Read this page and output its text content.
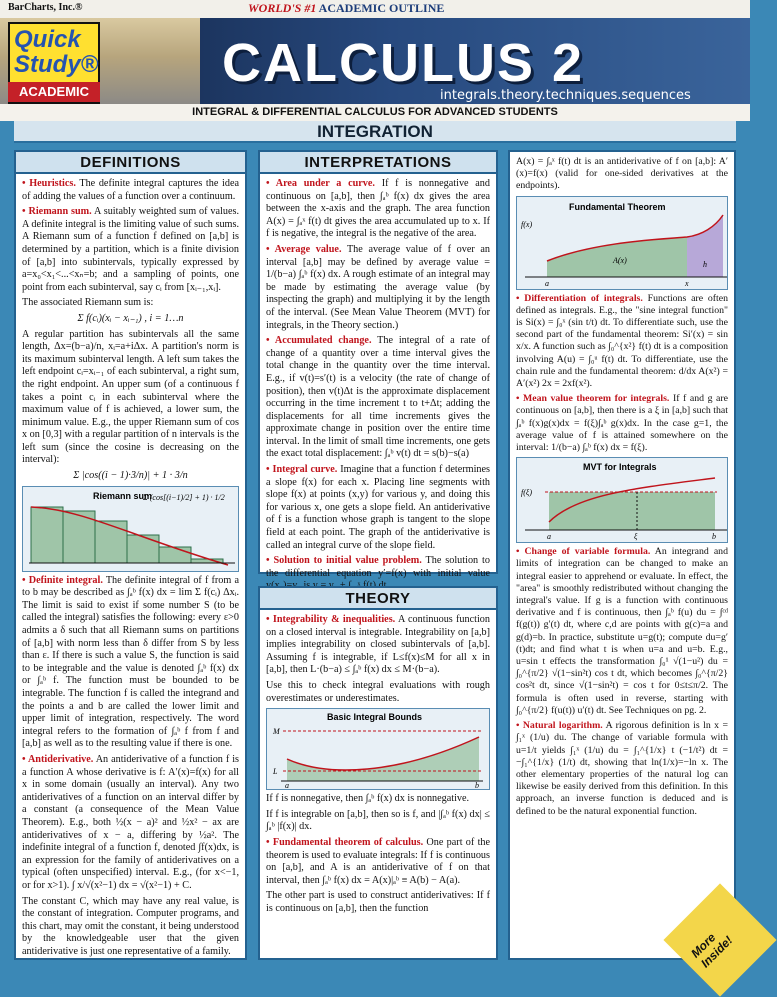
BarCharts, Inc.®	WORLD'S #1 ACADEMIC OUTLINE
Quick
Study®
ACADEMIC CALCULUS 2
integrals.theory.techniques.sequences
INTEGRAL & DIFFERENTIAL CALCULUS FOR ADVANCED STUDENTS
INTEGRATION
DEFINITIONS

• Heuristics. The definite integral captures the idea of adding the values of a function over a continuum.

• Riemann sum. A suitably weighted sum of values. A definite integral is the limiting value of such sums. A Riemann sum of a function f defined on [a,b] is determined by a partition, which is a finite division of [a,b] into subintervals, typically expressed by a=x₀<x₁<...<xₙ=b; and a sampling of points, one point from each subinterval, say cᵢ from [xᵢ₋₁,xᵢ].

The associated Riemann sum is:

Σ f(cᵢ)(xᵢ − xᵢ₋₁) , i = 1…n

A regular partition has subintervals all the same length, Δx=(b−a)/n, xᵢ=a+iΔx. A partition's norm is its maximum subinterval length. A left sum takes the left endpoint cᵢ=xᵢ₋₁ of each subinterval, a right sum, the right endpoint. An upper sum (of a continuous f takes a point cᵢ in each subinterval where the maximum value of f is achieved, a lower sum, the minimum value. E.g., the upper Riemann sum of cos x on [0,3] with a regular partition of n intervals is the left sum (since the cosine is decreasing on the interval):

Σ |cos((i − 1)·3/n)| + 1 · 3/n

Riemann sum
Σ (cos[(i−1)/2] + 1) · 1/2

• Definite integral. The definite integral of f from a to b may be described as ∫ₐᵇ f(x) dx = lim Σ f(cᵢ) Δxᵢ. The limit is said to exist if some number S (to be called the integral) satisfies the following: every ε>0 admits a δ such that all Riemann sums on partitions of [a,b] with norm less than δ differ from S by less than ε. If there is such a value S, the function is said to be integrable and the value is denoted ∫ₐᵇ f(x) dx or ∫ₐᵇ f. The function must be bounded to be integrable. The function f is called the integrand and the points a and b are called the lower limit and upper limit of integration, respectively. The word integral refers to the formation of ∫ₐᵇ f from f and [a,b] as well as to the resulting value if there is one.

• Antiderivative. An antiderivative of a function f is a function A whose derivative is f: A′(x)=f(x) for all x in some domain (usually an interval). Any two antiderivatives of a function on an interval differ by a constant (a consequence of the Mean Value Theorem). E.g., both ½(x − a)² and ½x² − ax are antiderivatives of x − a, differing by ½a². The indefinite integral of a function f, denoted ∫f(x)dx, is an expression for the family of antiderivatives on a typical (often unspecified) interval. E.g., (for x<−1, or for x>1). ∫ x/√(x²−1) dx = √(x²−1) + C.

The constant C, which may have any real value, is the constant of integration. Computer programs, and this chart, may omit the constant, it being understood by the knowledgeable user that the given antiderivative is just one representative of a family.

INTERPRETATIONS

• Area under a curve. If f is nonnegative and continuous on [a,b], then ∫ₐᵇ f(x) dx gives the area between the x-axis and the graph. The area function A(x) = ∫ₐˣ f(t) dt gives the area accumulated up to x. If f is negative, the integral is the negative of the area.

• Average value. The average value of f over an interval [a,b] may be defined by average value = 1/(b−a) ∫ₐᵇ f(x) dx. A rough estimate of an integral may be made by estimating the average value (by inspecting the graph) and multiplying it by the length of the interval. (See Mean Value Theorem (MVT) for integrals, in the Theory section.)

• Accumulated change. The integral of a rate of change of a quantity over a time interval gives the total change in the quantity over the time interval. E.g., if v(t)=s′(t) is a velocity (the rate of change of position), then v(t)Δt is the approximate displacement occurring in the time increment t to t+Δt; adding the displacements for all time increments gives the approximate change in position over the entire time interval. In the limit of small time increments, one gets the exact total displacement: ∫ₐᵇ v(t) dt = s(b)−s(a)

• Integral curve. Imagine that a function f determines a slope f(x) for each x. Placing line segments with slope f(x) at points (x,y) for various y, and doing this for various x, one gets a slope field. An antiderivative of f is a function whose graph is tangent to the slope field at each point. The graph of the antiderivative is called an integral curve of the slope field.

• Solution to initial value problem. The solution to the differential equation y′=f(x) with initial value

THEORY

• Integrability & inequalities. A continuous function on a closed interval is integrable. Integrability on [a,b] implies integrability on closed subintervals of [a,b]. Assuming f is integrable, if L≤f(x)≤M for all x in [a,b], then L·(b−a) ≤ ∫ₐᵇ f(x) dx ≤ M·(b−a).

Use this to check integral evaluations with rough overestimates or underestimates.

Basic Integral Bounds
M
L
a	b

If f is nonnegative, then ∫ₐᵇ f(x) dx is nonnegative.

If f is integrable on [a,b], then so is f, and |∫ₐᵇ f(x) dx| ≤ ∫ₐᵇ |f(x)| dx.

• Fundamental theorem of calculus. One part of the theorem is used to evaluate integrals: If f is continuous on [a,b], and A is an antiderivative of f on that interval, then ∫ₐᵇ f(x) dx = A(x)|ₐᵇ ≡ A(b) − A(a).

The other part is used to construct antiderivatives: If f is continuous on [a,b], then the function

A(x) = ∫ₐˣ f(t) dt is an antiderivative of f on [a,b]: A′(x)=f(x) (valid for one-sided derivatives at the endpoints).

Fundamental Theorem
f(x)
A(x)	h
a	x

• Differentiation of integrals. Functions are often defined as integrals. E.g., the "sine integral function" is Si(x) = ∫₀ˣ (sin t/t) dt. To differentiate such, use the second part of the fundamental theorem: Si′(x) = sin x/x. A function such as ∫₀^{x²} f(t) dt is a composition involving A(u) = ∫₀ᵘ f(t) dt. To differentiate, use the chain rule and the fundamental theorem: d/dx A(x²) = A′(x²) 2x = 2xf(x²).

• Mean value theorem for integrals. If f and g are continuous on [a,b], then there is a ξ in [a,b] such that ∫ₐᵇ f(x)g(x)dx = f(ξ)∫ₐᵇ g(x)dx. In the case g=1, the average value of f is attained somewhere on the interval: 1/(b−a) ∫ₐᵇ f(x) dx = f(ξ).

MVT for Integrals
f(ξ)
a	ξ	b

• Change of variable formula. An integrand and limits of integration can be changed to make an integral easier to apprehend or evaluate. In effect, the "area" is smoothly redistributed without changing the integral's value. If g is a function with continuous derivative and f is continuous, then ∫ₐᵇ f(u) du = ∫ᶜᵈ f(g(t)) g′(t) dt, where c,d are points with g(c)=a and g(d)=b. In practice, substitute u=g(t); compute du=g′(t)dt; and find what t is when u=a and u=b. E.g., u=sin t effects the transformation ∫₀¹ √(1−u²) du = ∫₀^{π/2} √(1−sin²t) cos t dt, which becomes ∫₀^{π/2} cos²t dt, since √(1−sin²t) = cos t for 0≤t≤π/2. The formula is often used in reverse, starting with ∫₀^{π/2} f(u(t)) u′(t) dt. See Techniques on pg. 2.

• Natural logarithm. A rigorous definition is ln x = ∫₁ˣ (1/u) du. The change of variable formula with u=1/t yields ∫₁ˣ (1/u) du = ∫₁^{1/x} t (−1/t²) dt = −∫₁^{1/x} (1/t) dt, showing that ln(1/x)=−ln x. The other elementary properties of the natural log can likewise be easily derived from this definition. In this approach, an inverse function is deduced and is defined to be the natural exponential function.

More Inside!
